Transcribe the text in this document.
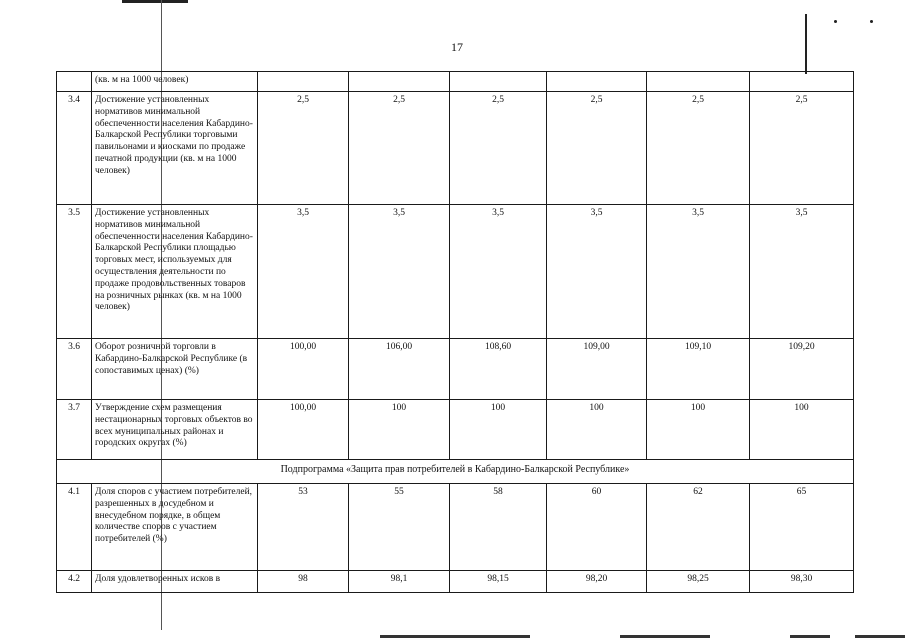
17
	(кв. м на 1000 человек)						
3.4	Достижение установленных нормативов минимальной обеспеченности населения Кабардино-Балкарской Республики торговыми павильонами и киосками по продаже печатной продукции (кв. м на 1000 человек)	2,5	2,5	2,5	2,5	2,5	2,5
3.5	Достижение установленных нормативов минимальной обеспеченности населения Кабардино-Балкарской Республики площадью торговых мест, используемых для осуществления деятельности по продаже продовольственных товаров на розничных рынках (кв. м на 1000 человек)	3,5	3,5	3,5	3,5	3,5	3,5
3.6	Оборот розничной торговли в Кабардино-Балкарской Республике (в сопоставимых ценах) (%)	100,00	106,00	108,60	109,00	109,10	109,20
3.7	Утверждение схем размещения нестационарных торговых объектов во всех муниципальных районах и городских округах (%)	100,00	100	100	100	100	100
Подпрограмма «Защита прав потребителей в Кабардино-Балкарской Республике»							
4.1	Доля споров с участием потребителей, разрешенных в досудебном и внесудебном порядке, в общем количестве споров с участием потребителей (%)	53	55	58	60	62	65
4.2	Доля удовлетворенных исков в	98	98,1	98,15	98,20	98,25	98,30
